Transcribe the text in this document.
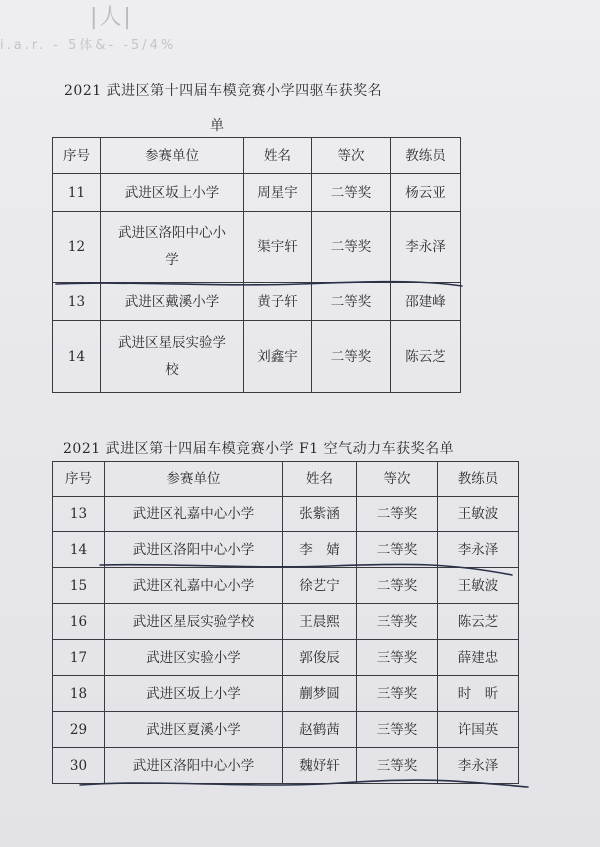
|人|
i.a.r. - 5体&- -5/4%
2021 武进区第十四届车模竞赛小学四驱车获奖名
单
序号	参赛单位	姓名	等次	教练员
11	武进区坂上小学	周星宇	二等奖	杨云亚
12	武进区洛阳中心小学	渠宇轩	二等奖	李永泽
13	武进区戴溪小学	黄子轩	二等奖	邵建峰
14	武进区星辰实验学校	刘鑫宇	二等奖	陈云芝
2021 武进区第十四届车模竞赛小学 F1 空气动力车获奖名单
序号	参赛单位	姓名	等次	教练员
13	武进区礼嘉中心小学	张紫涵	二等奖	王敏波
14	武进区洛阳中心小学	李　婧	二等奖	李永泽
15	武进区礼嘉中心小学	徐艺宁	二等奖	王敏波
16	武进区星辰实验学校	王晨熙	三等奖	陈云芝
17	武进区实验小学	郭俊辰	三等奖	薛建忠
18	武进区坂上小学	蒯梦圆	三等奖	时　昕
29	武进区夏溪小学	赵鹤茜	三等奖	许国英
30	武进区洛阳中心小学	魏妤轩	三等奖	李永泽
